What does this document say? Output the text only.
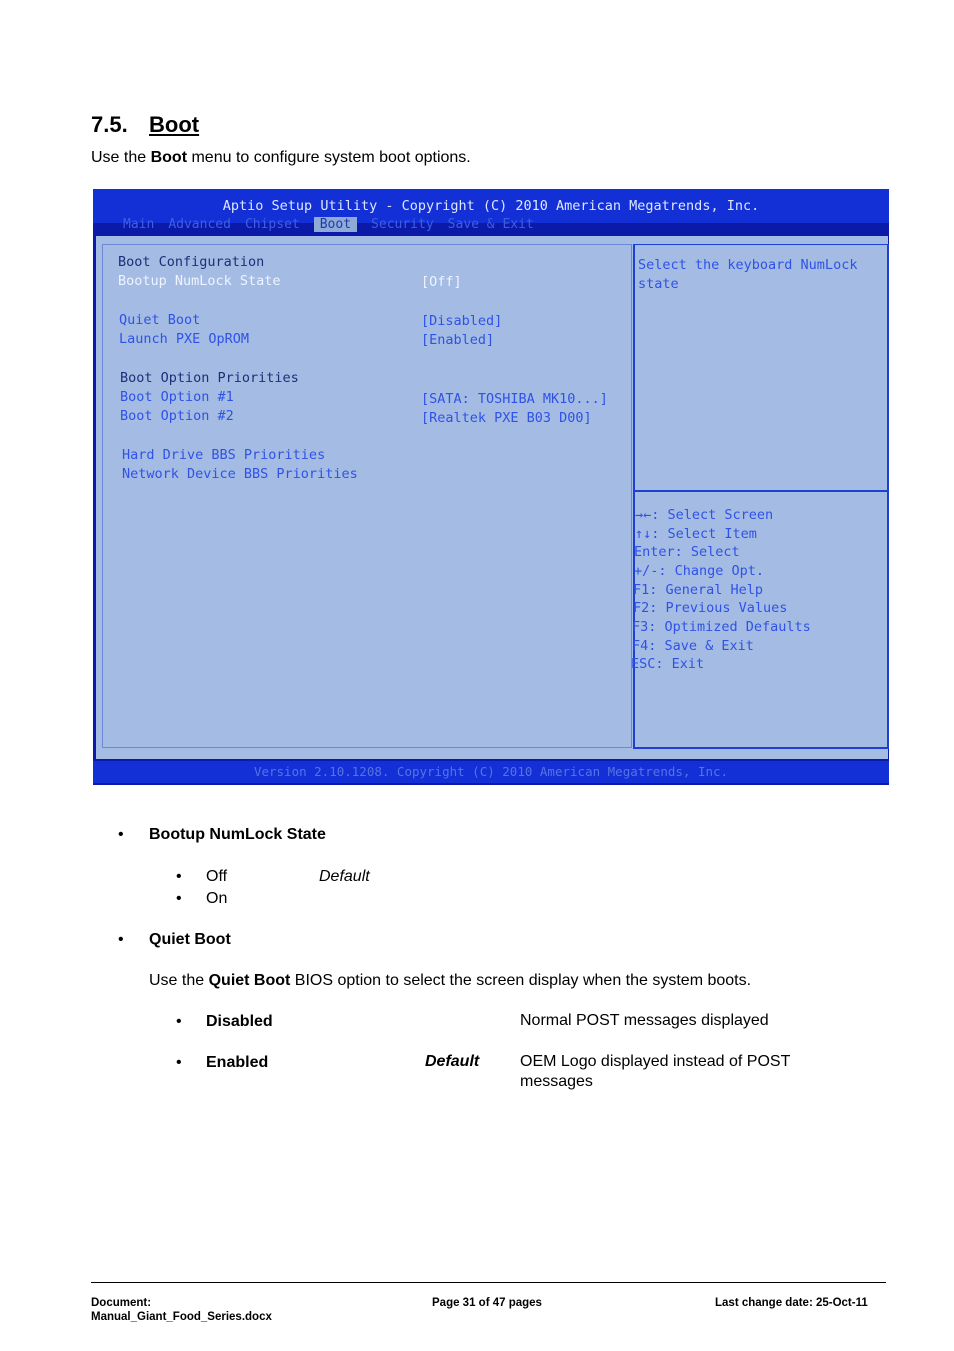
7.5. Boot
Use the Boot menu to configure system boot options.
Aptio Setup Utility - Copyright (C) 2010 American Megatrends, Inc.
Main Advanced Chipset	Boot	Security Save & Exit
Boot Configuration
Bootup NumLock State	[Off]
Quiet Boot	[Disabled]
Launch PXE OpROM	[Enabled]
Boot Option Priorities
Boot Option #1	[SATA: TOSHIBA MK10...]
Boot Option #2	[Realtek PXE B03 D00]
Hard Drive BBS Priorities
Network Device BBS Priorities
Select the keyboard NumLock
state
→←: Select Screen
↑↓: Select Item
Enter: Select
+/-: Change Opt.
F1: General Help
F2: Previous Values
F3: Optimized Defaults
F4: Save & Exit
ESC: Exit
Version 2.10.1208. Copyright (C) 2010 American Megatrends, Inc.
• Bootup NumLock State
• Off	Default
• On
• Quiet Boot
Use the Quiet Boot BIOS option to select the screen display when the system boots.
• Disabled	Normal POST messages displayed
• Enabled	Default	OEM Logo displayed instead of POST
messages
Document:
Manual_Giant_Food_Series.docx
Page 31 of 47 pages	Last change date: 25-Oct-11
